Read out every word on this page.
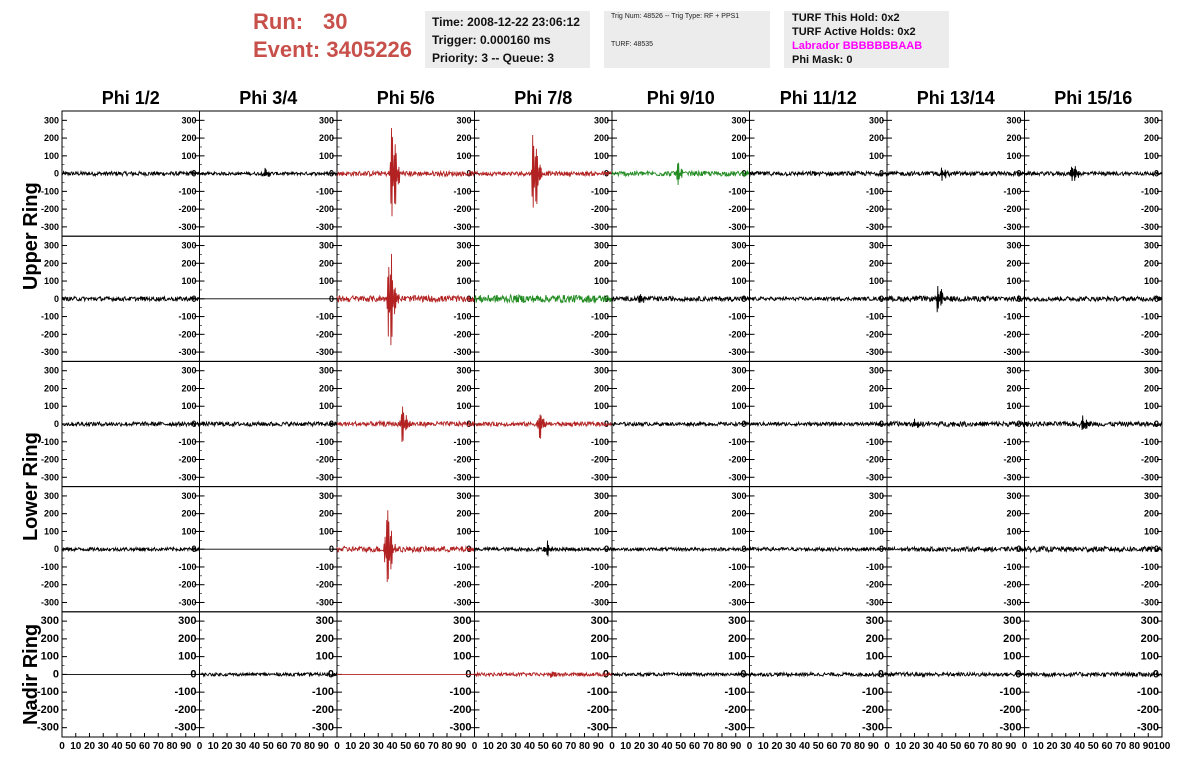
Run: 30
Event:
3405226
Time: 2008-12-22 23:06:12
Trigger: 0.000160 ms
Priority: 3 -- Queue: 3
Trig Num: 48526 -- Trig Type: RF + PPS1
TURF: 48535
TURF This Hold: 0x2
TURF Active Holds: 0x2
Labrador BBBBBBBAAB
Phi Mask: 0
Phi 1/2	Phi 3/4	Phi 5/6	Phi 7/8	Phi 9/10	Phi 11/12	Phi 13/14	Phi 15/16
Upper Ring
Lower Ring
Nadir Ring
-300	-300
-200	-200
-100	-100
0	0
100	100
200	200
300	300
-300
-200
-100
0
100
200
300
-300
-200
-100
0
100
200
300
-300
-200
-100
0
100
200
300
-300
-200
-100
0
100
200
300
-300
-200
-100
0
100
200
300
-300
-200
-100
0
100
200
300
-300
-200
-100
0
100
200
300
-300	-300
-200	-200
-100	-100
0	0
100	100
200	200
300	300
-300
-200
-100
0
100
200
300
-300
-200
-100
0
100
200
300
-300
-200
-100
0
100
200
300
-300
-200
-100
0
100
200
300
-300
-200
-100
0
100
200
300
-300
-200
-100
0
100
200
300
-300
-200
-100
0
100
200
300
-300	-300
-200	-200
-100	-100
0	0
100	100
200	200
300	300
-300
-200
-100
0
100
200
300
-300
-200
-100
0
100
200
300
-300
-200
-100
0
100
200
300
-300
-200
-100
0
100
200
300
-300
-200
-100
0
100
200
300
-300
-200
-100
0
100
200
300
-300
-200
-100
0
100
200
300
-300	-300
-200	-200
-100	-100
0	0
100	100
200	200
300	300
-300
-200
-100
0
100
200
300
-300
-200
-100
0
100
200
300
-300
-200
-100
0
100
200
300
-300
-200
-100
0
100
200
300
-300
-200
-100
0
100
200
300
-300
-200
-100
0
100
200
300
-300
-200
-100
0
100
200
300
-300	-300
-200	-200
-100	-100
0	0
100	100
200	200
300	300
-300
-200
-100
0
100
200
300
-300
-200
-100
0
100
200
300
-300
-200
-100
0
100
200
300
-300
-200
-100
0
100
200
300
-300
-200
-100
0
100
200
300
-300
-200
-100
0
100
200
300
-300
-200
-100
0
100
200
300
0 10 20 30 40 50 60 70 80 90 0 10 20 30 40 50 60 70 80 90 0 10 20 30 40 50 60 70 80 90 0 10 20 30 40 50 60 70 80 90 0 10 20 30 40 50 60 70 80 90 0 10 20 30 40 50 60 70 80 90 0 10 20 30 40 50 60 70 80 90 0 10 20 30 40 50 60 70 80 90 100
